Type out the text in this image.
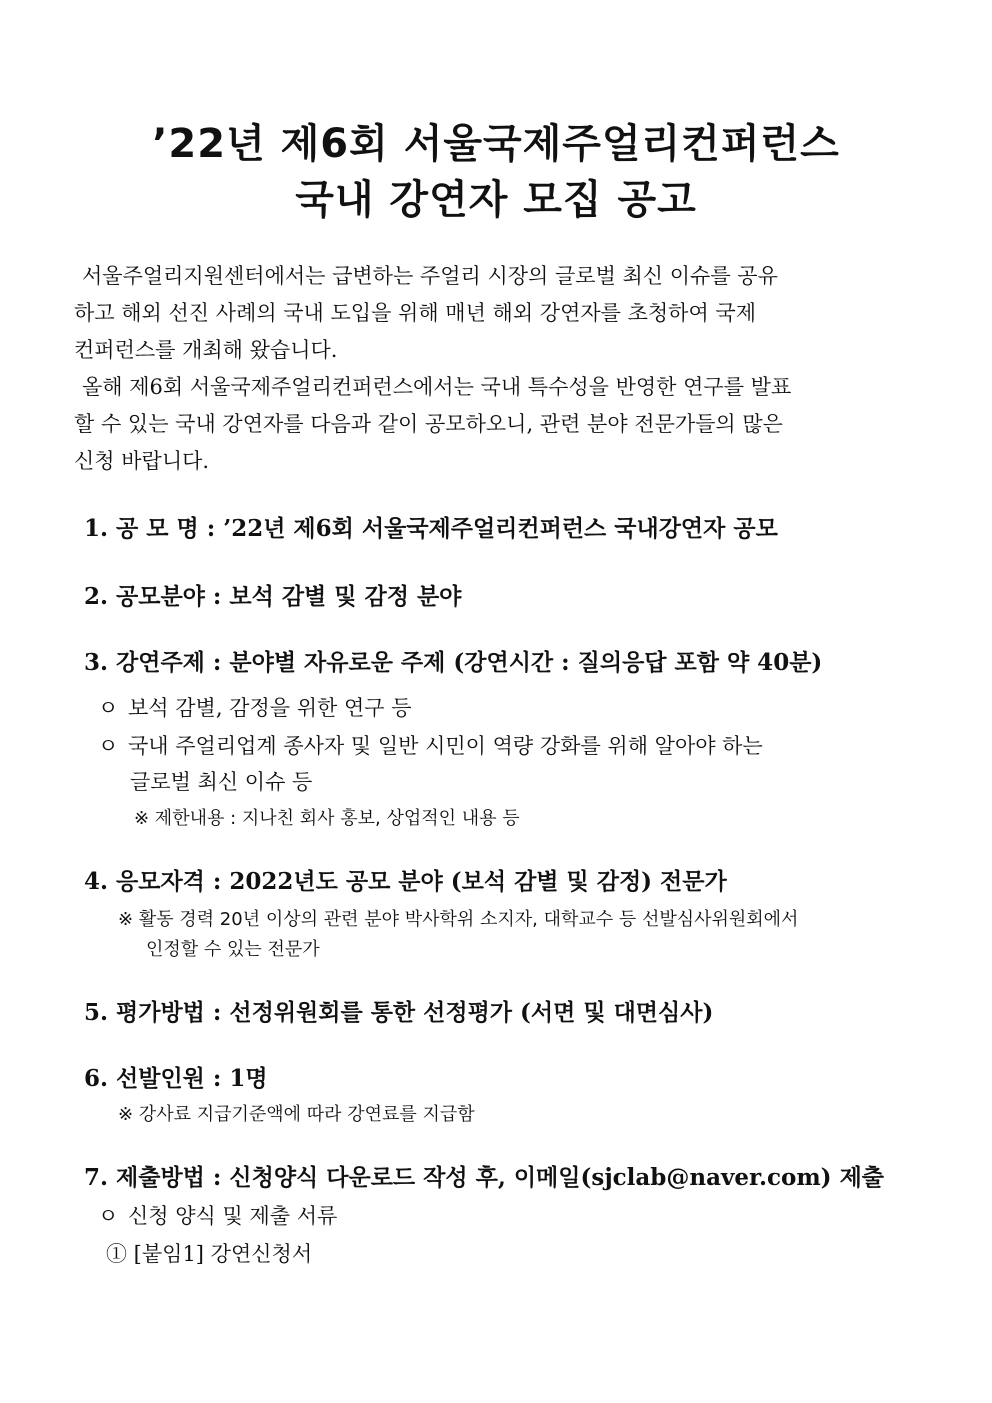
’22년 제6회 서울국제주얼리컨퍼런스
국내 강연자 모집 공고
서울주얼리지원센터에서는 급변하는 주얼리 시장의 글로벌 최신 이슈를 공유
하고 해외 선진 사례의 국내 도입을 위해 매년 해외 강연자를 초청하여 국제
컨퍼런스를 개최해 왔습니다.
올해 제6회 서울국제주얼리컨퍼런스에서는 국내 특수성을 반영한 연구를 발표
할 수 있는 국내 강연자를 다음과 같이 공모하오니, 관련 분야 전문가들의 많은
신청 바랍니다.
1. 공 모 명 : ’22년 제6회 서울국제주얼리컨퍼런스 국내강연자 공모
2. 공모분야 : 보석 감별 및 감정 분야
3. 강연주제 : 분야별 자유로운 주제 (강연시간 : 질의응답 포함 약 40분)
ㅇ 보석 감별, 감정을 위한 연구 등
ㅇ 국내 주얼리업계 종사자 및 일반 시민이 역량 강화를 위해 알아야 하는
글로벌 최신 이슈 등
※ 제한내용 : 지나친 회사 홍보, 상업적인 내용 등
4. 응모자격 : 2022년도 공모 분야 (보석 감별 및 감정) 전문가
※ 활동 경력 20년 이상의 관련 분야 박사학위 소지자, 대학교수 등 선발심사위원회에서
인정할 수 있는 전문가
5. 평가방법 : 선정위원회를 통한 선정평가 (서면 및 대면심사)
6. 선발인원 : 1명
※ 강사료 지급기준액에 따라 강연료를 지급함
7. 제출방법 : 신청양식 다운로드 작성 후, 이메일(sjclab@naver.com) 제출
ㅇ 신청 양식 및 제출 서류
① [붙임1] 강연신청서
